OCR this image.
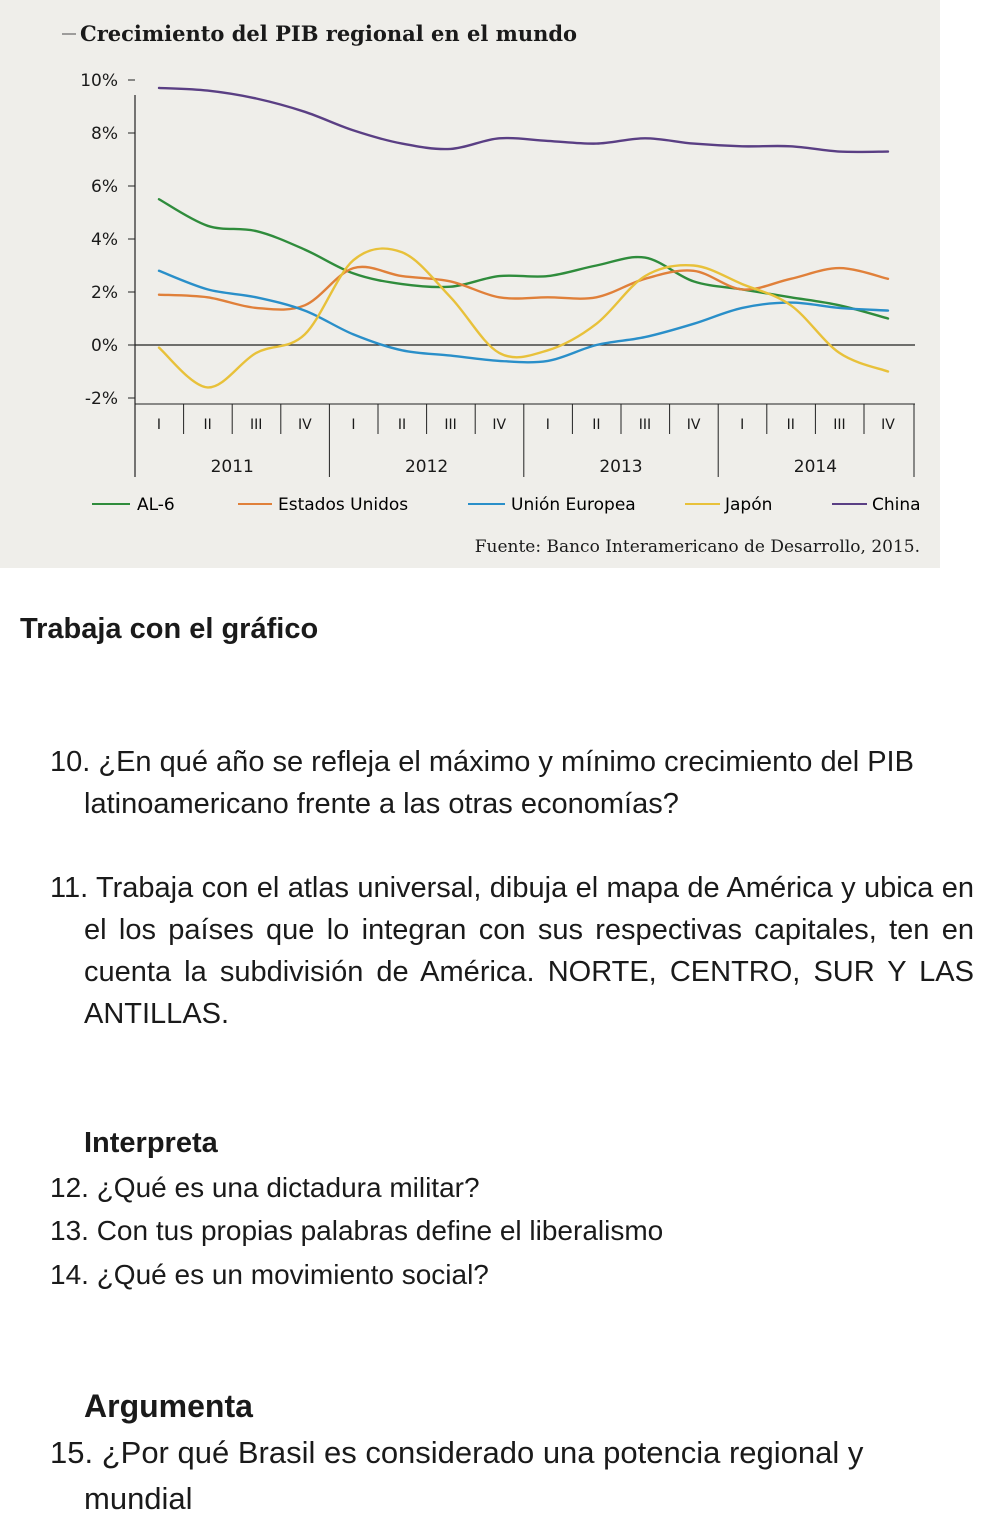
10%
8%
6%
4%
2%
0%
-2%
I	II	III	IV	I	II	III	IV	I	II	III	IV	I	II	III	IV
2011	2012	2013	2014
Crecimiento del PIB regional en el mundo
AL-6	Estados Unidos	Unión Europea	Japón	China
Fuente: Banco Interamericano de Desarrollo, 2015.
Trabaja con el gráfico
10. ¿En qué año se refleja el máximo y mínimo crecimiento del PIB latinoamericano frente a las otras economías?
11. Trabaja con el atlas universal, dibuja el mapa de América y ubica en el los países que lo integran con sus respectivas capitales, ten en cuenta la subdivisión de América. NORTE, CENTRO, SUR Y LAS ANTILLAS.
Interpreta
12. ¿Qué es una dictadura militar?
13. Con tus propias palabras define el liberalismo
14. ¿Qué es un movimiento social?
Argumenta
15. ¿Por qué Brasil es considerado una potencia regional y mundial
